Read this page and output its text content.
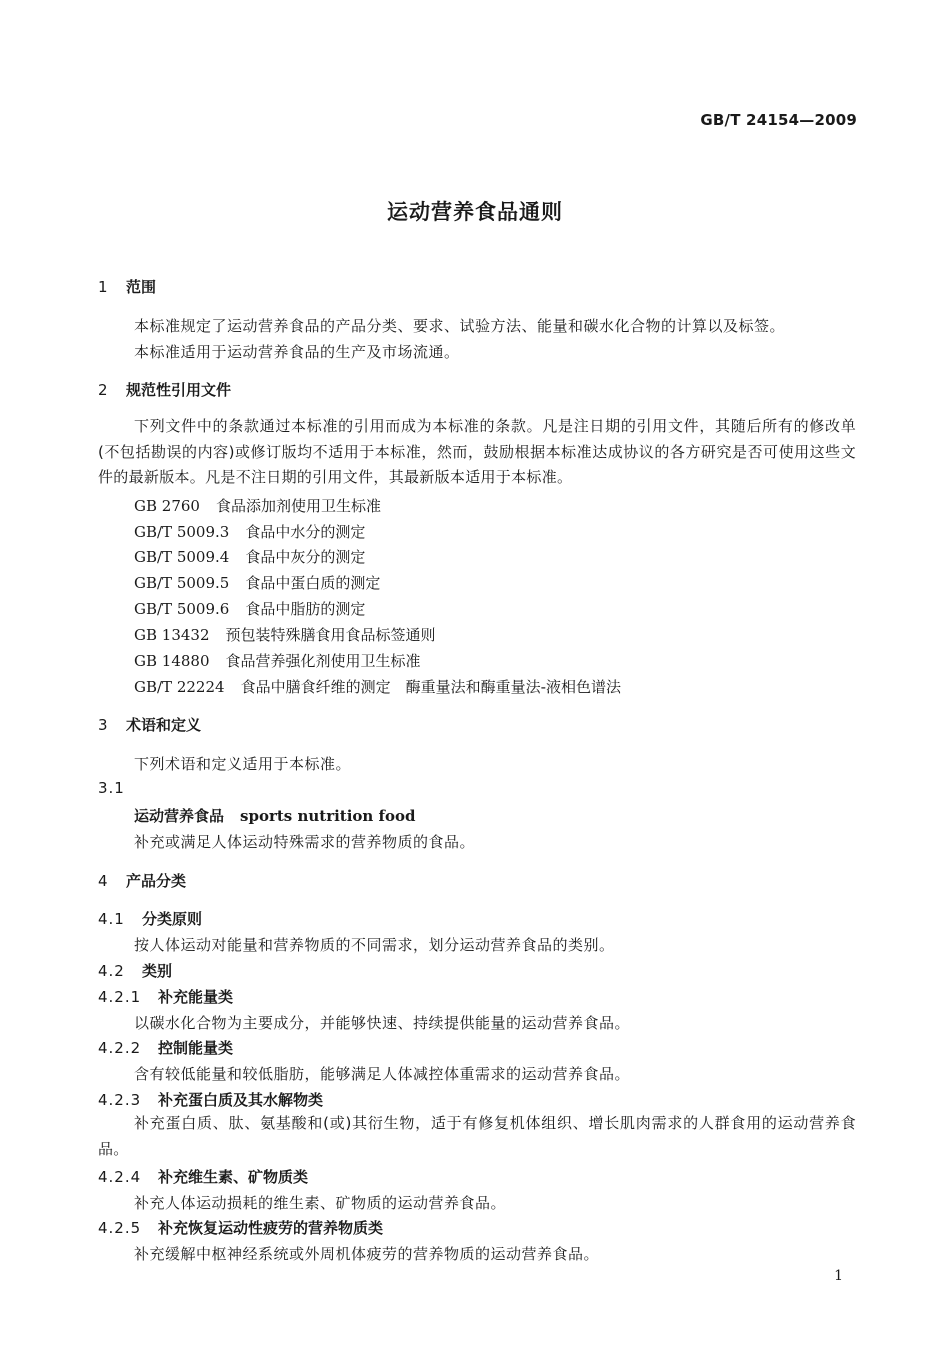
GB/T 24154—2009
运动营养食品通则
1 范围
本标准规定了运动营养食品的产品分类、要求、试验方法、能量和碳水化合物的计算以及标签。
本标准适用于运动营养食品的生产及市场流通。
2 规范性引用文件
下列文件中的条款通过本标准的引用而成为本标准的条款。凡是注日期的引用文件，其随后所有的修改单(不包括勘误的内容)或修订版均不适用于本标准，然而，鼓励根据本标准达成协议的各方研究是否可使用这些文件的最新版本。凡是不注日期的引用文件，其最新版本适用于本标准。
GB 2760 食品添加剂使用卫生标准
GB/T 5009.3 食品中水分的测定
GB/T 5009.4 食品中灰分的测定
GB/T 5009.5 食品中蛋白质的测定
GB/T 5009.6 食品中脂肪的测定
GB 13432 预包装特殊膳食用食品标签通则
GB 14880 食品营养强化剂使用卫生标准
GB/T 22224 食品中膳食纤维的测定　酶重量法和酶重量法-液相色谱法
3 术语和定义
下列术语和定义适用于本标准。
3.1
运动营养食品 sports nutrition food
补充或满足人体运动特殊需求的营养物质的食品。
4 产品分类
4.1 分类原则
按人体运动对能量和营养物质的不同需求，划分运动营养食品的类别。
4.2 类别
4.2.1 补充能量类
以碳水化合物为主要成分，并能够快速、持续提供能量的运动营养食品。
4.2.2 控制能量类
含有较低能量和较低脂肪，能够满足人体减控体重需求的运动营养食品。
4.2.3 补充蛋白质及其水解物类
补充蛋白质、肽、氨基酸和(或)其衍生物，适于有修复机体组织、增长肌肉需求的人群食用的运动营养食品。
4.2.4 补充维生素、矿物质类
补充人体运动损耗的维生素、矿物质的运动营养食品。
4.2.5 补充恢复运动性疲劳的营养物质类
补充缓解中枢神经系统或外周机体疲劳的营养物质的运动营养食品。
1
